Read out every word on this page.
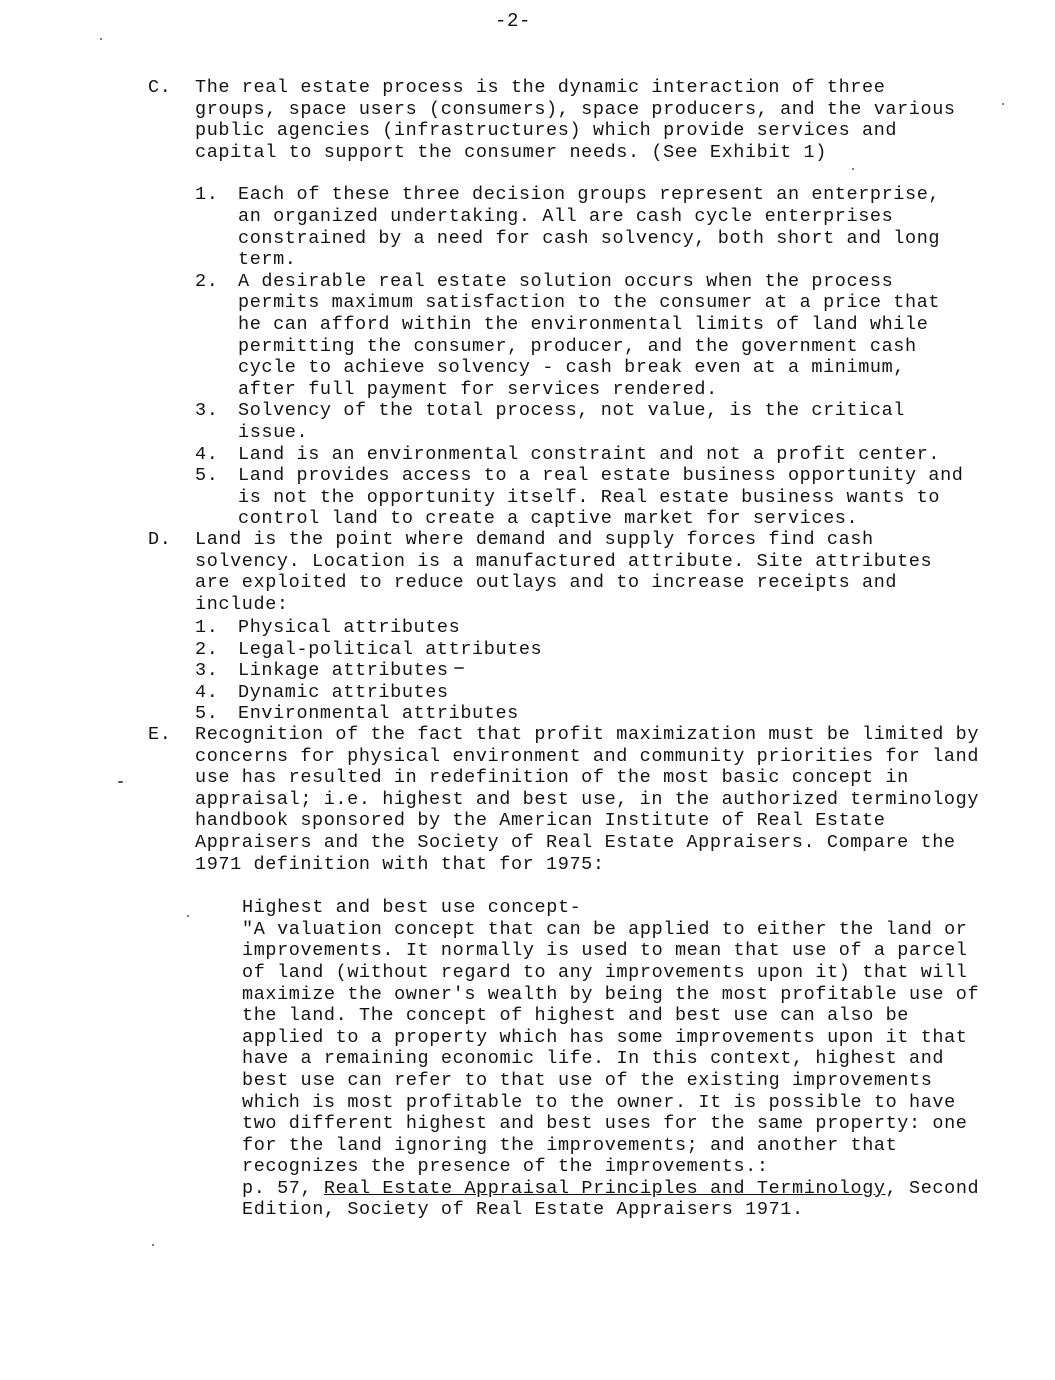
-2-
C. The real estate process is the dynamic interaction of three groups, space users (consumers), space producers, and the various public agencies (infrastructures) which provide services and capital to support the consumer needs. (See Exhibit 1)

1. Each of these three decision groups represent an enterprise, an organized undertaking. All are cash cycle enterprises constrained by a need for cash solvency, both short and long term.
2. A desirable real estate solution occurs when the process permits maximum satisfaction to the consumer at a price that he can afford within the environmental limits of land while permitting the consumer, producer, and the government cash cycle to achieve solvency - cash break even at a minimum, after full payment for services rendered.
3. Solvency of the total process, not value, is the critical issue.
4. Land is an environmental constraint and not a profit center.
5. Land provides access to a real estate business opportunity and is not the opportunity itself. Real estate business wants to control land to create a captive market for services.
D. Land is the point where demand and supply forces find cash solvency. Location is a manufactured attribute. Site attributes are exploited to reduce outlays and to increase receipts and include:

1. Physical attributes
2. Legal-political attributes
3. Linkage attributes
4. Dynamic attributes
5. Environmental attributes
E. Recognition of the fact that profit maximization must be limited by concerns for physical environment and community priorities for land use has resulted in redefinition of the most basic concept in appraisal; i.e. highest and best use, in the authorized terminology handbook sponsored by the American Institute of Real Estate Appraisers and the Society of Real Estate Appraisers. Compare the 1971 definition with that for 1975:

Highest and best use concept-
"A valuation concept that can be applied to either the land or improvements. It normally is used to mean that use of a parcel of land (without regard to any improvements upon it) that will maximize the owner's wealth by being the most profitable use of the land. The concept of highest and best use can also be applied to a property which has some improvements upon it that have a remaining economic life. In this context, highest and best use can refer to that use of the existing improvements which is most profitable to the owner. It is possible to have two different highest and best uses for the same property: one for the land ignoring the improvements; and another that recognizes the presence of the improvements.:
p. 57, Real Estate Appraisal Principles and Terminology, Second Edition, Society of Real Estate Appraisers 1971.
